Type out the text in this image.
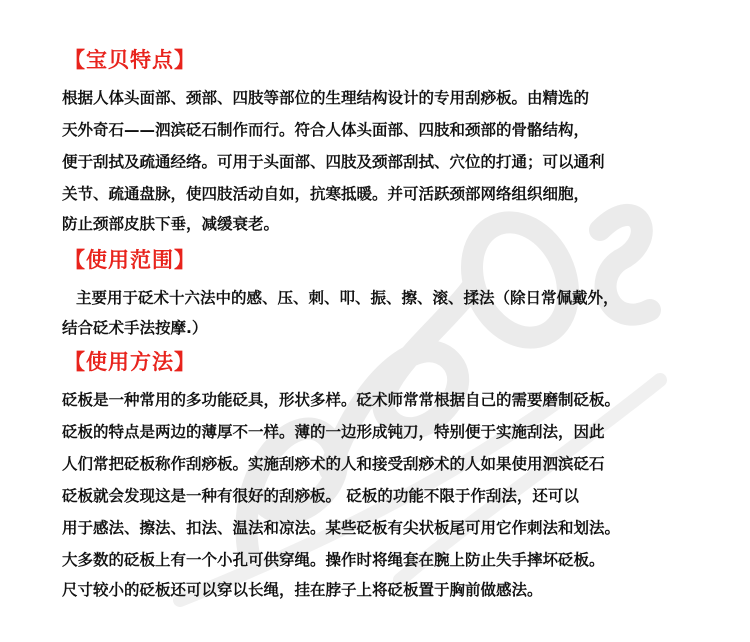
【宝贝特点】
根据人体头面部、颈部、四肢等部位的生理结构设计的专用刮痧板。由精选的
天外奇石——泗滨砭石制作而行。符合人体头面部、四肢和颈部的骨骼结构，
便于刮拭及疏通经络。可用于头面部、四肢及颈部刮拭、穴位的打通；可以通利
关节、疏通盘脉，使四肢活动自如，抗寒抵暖。并可活跃颈部网络组织细胞，
防止颈部皮肤下垂，减缓衰老。
【使用范围】
主要用于砭术十六法中的感、压、刺、叩、振、擦、滚、揉法（除日常佩戴外，
结合砭术手法按摩.）
【使用方法】
砭板是一种常用的多功能砭具，形状多样。砭术师常常根据自己的需要磨制砭板。
砭板的特点是两边的薄厚不一样。薄的一边形成钝刀，特别便于实施刮法，因此
人们常把砭板称作刮痧板。实施刮痧术的人和接受刮痧术的人如果使用泗滨砭石
砭板就会发现这是一种有很好的刮痧板。 砭板的功能不限于作刮法，还可以
用于感法、擦法、扣法、温法和凉法。某些砭板有尖状板尾可用它作刺法和划法。
大多数的砭板上有一个小孔可供穿绳。操作时将绳套在腕上防止失手摔坏砭板。
尺寸较小的砭板还可以穿以长绳，挂在脖子上将砭板置于胸前做感法。
